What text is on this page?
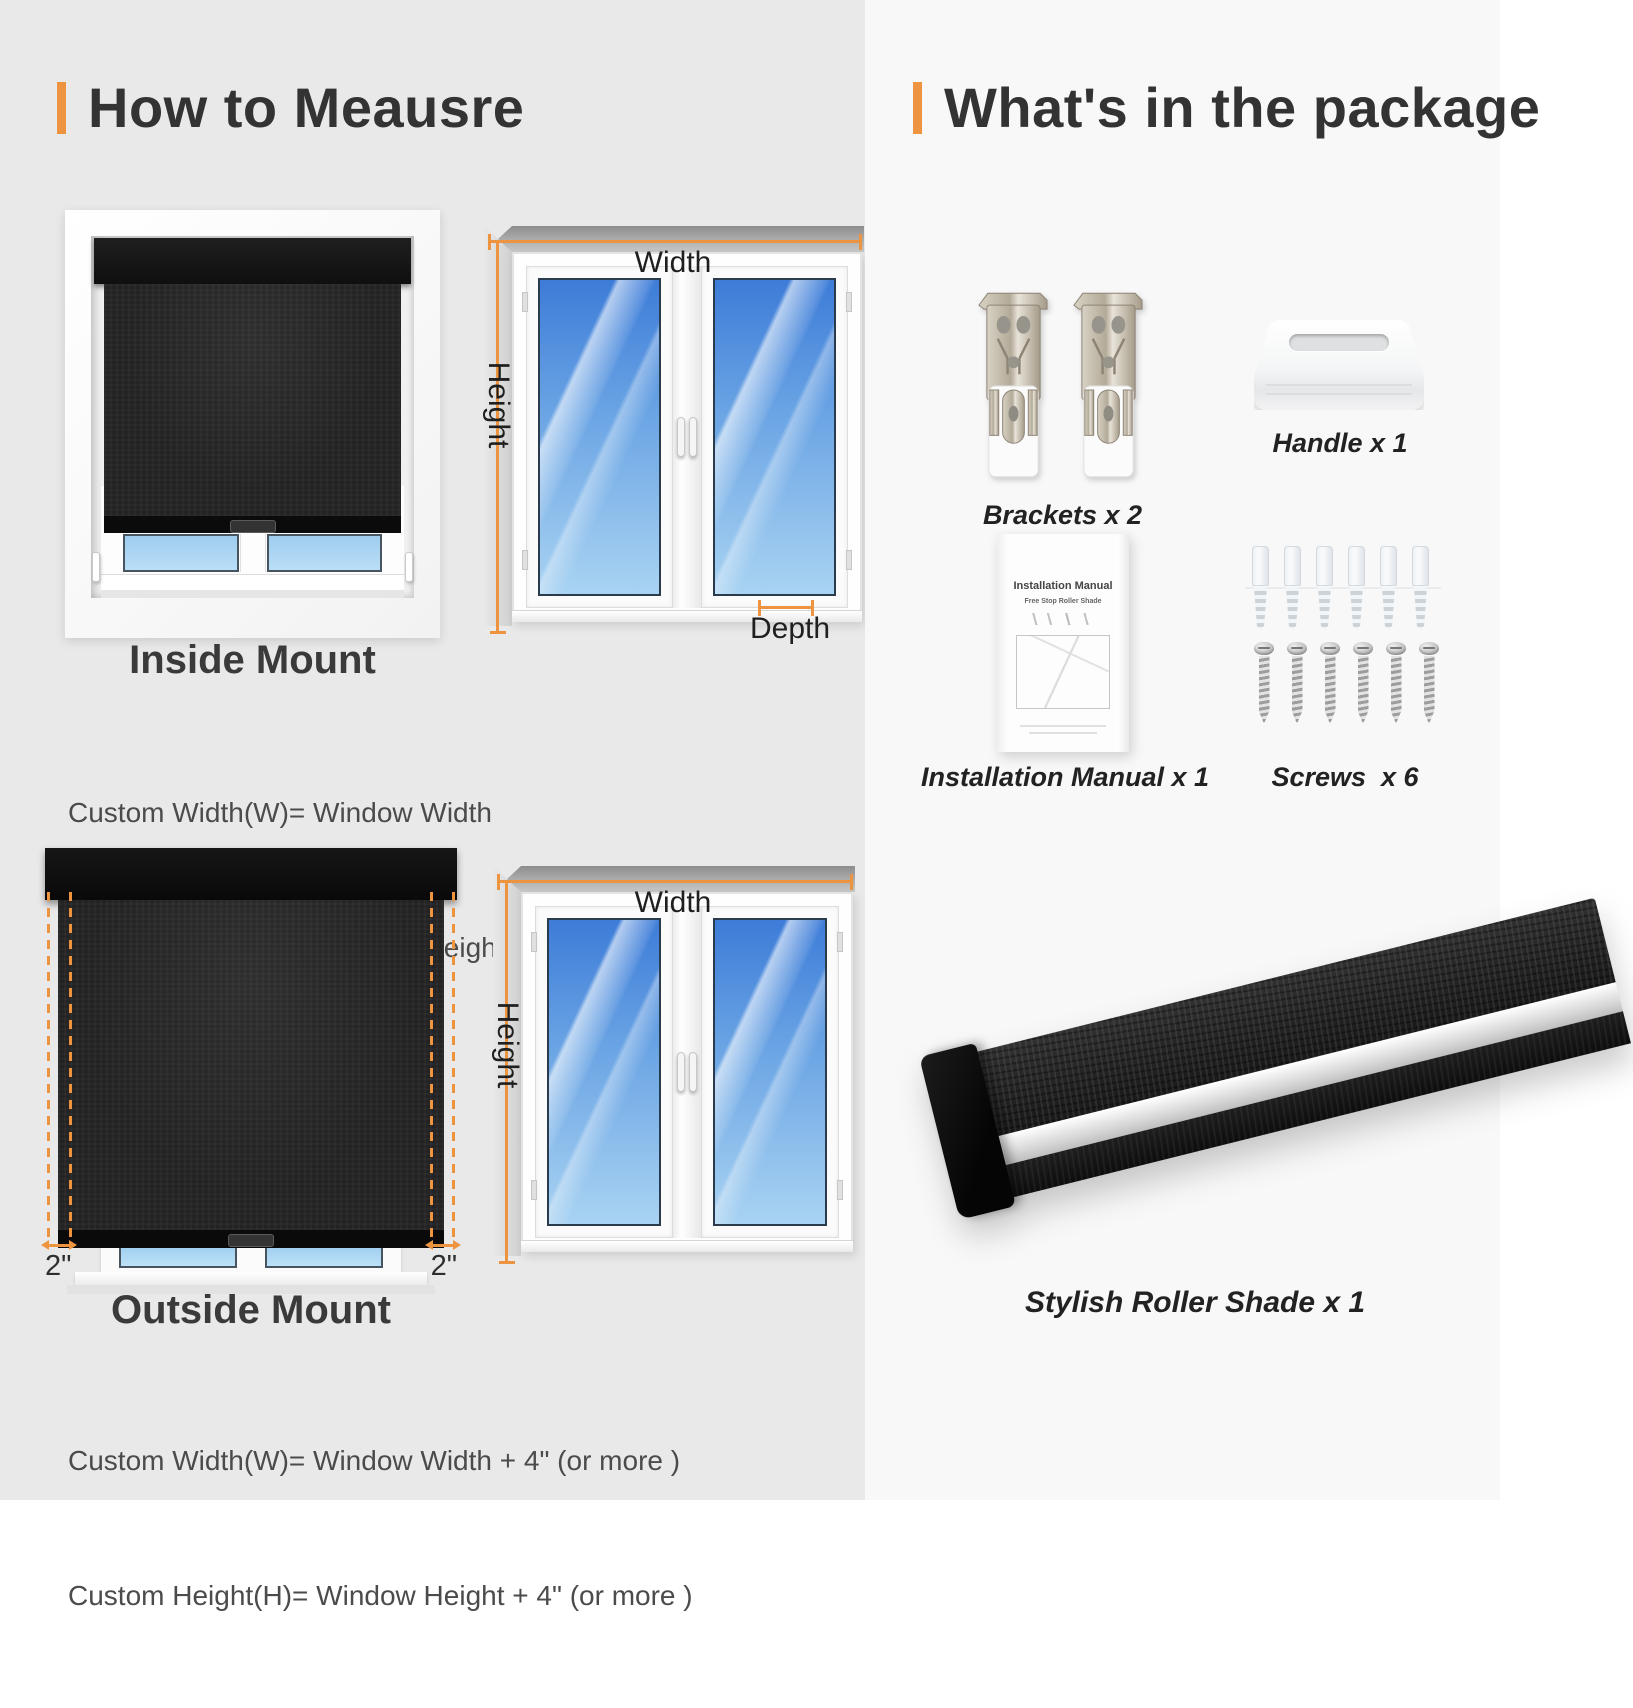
How to Meausre
Width
Height
Depth
Inside Mount

Custom Width(W)= Window Width

Height

2"	2"
Width
Height
Outside Mount

Custom Width(W)= Window Width + 4" (or more )

Custom Height(H)= Window Height + 4" (or more )

What's in the package
Brackets x 2
Handle x 1
Installation Manual
Free Stop Roller Shade
Installation Manual x 1	Screws  x 6
Stylish Roller Shade x 1
